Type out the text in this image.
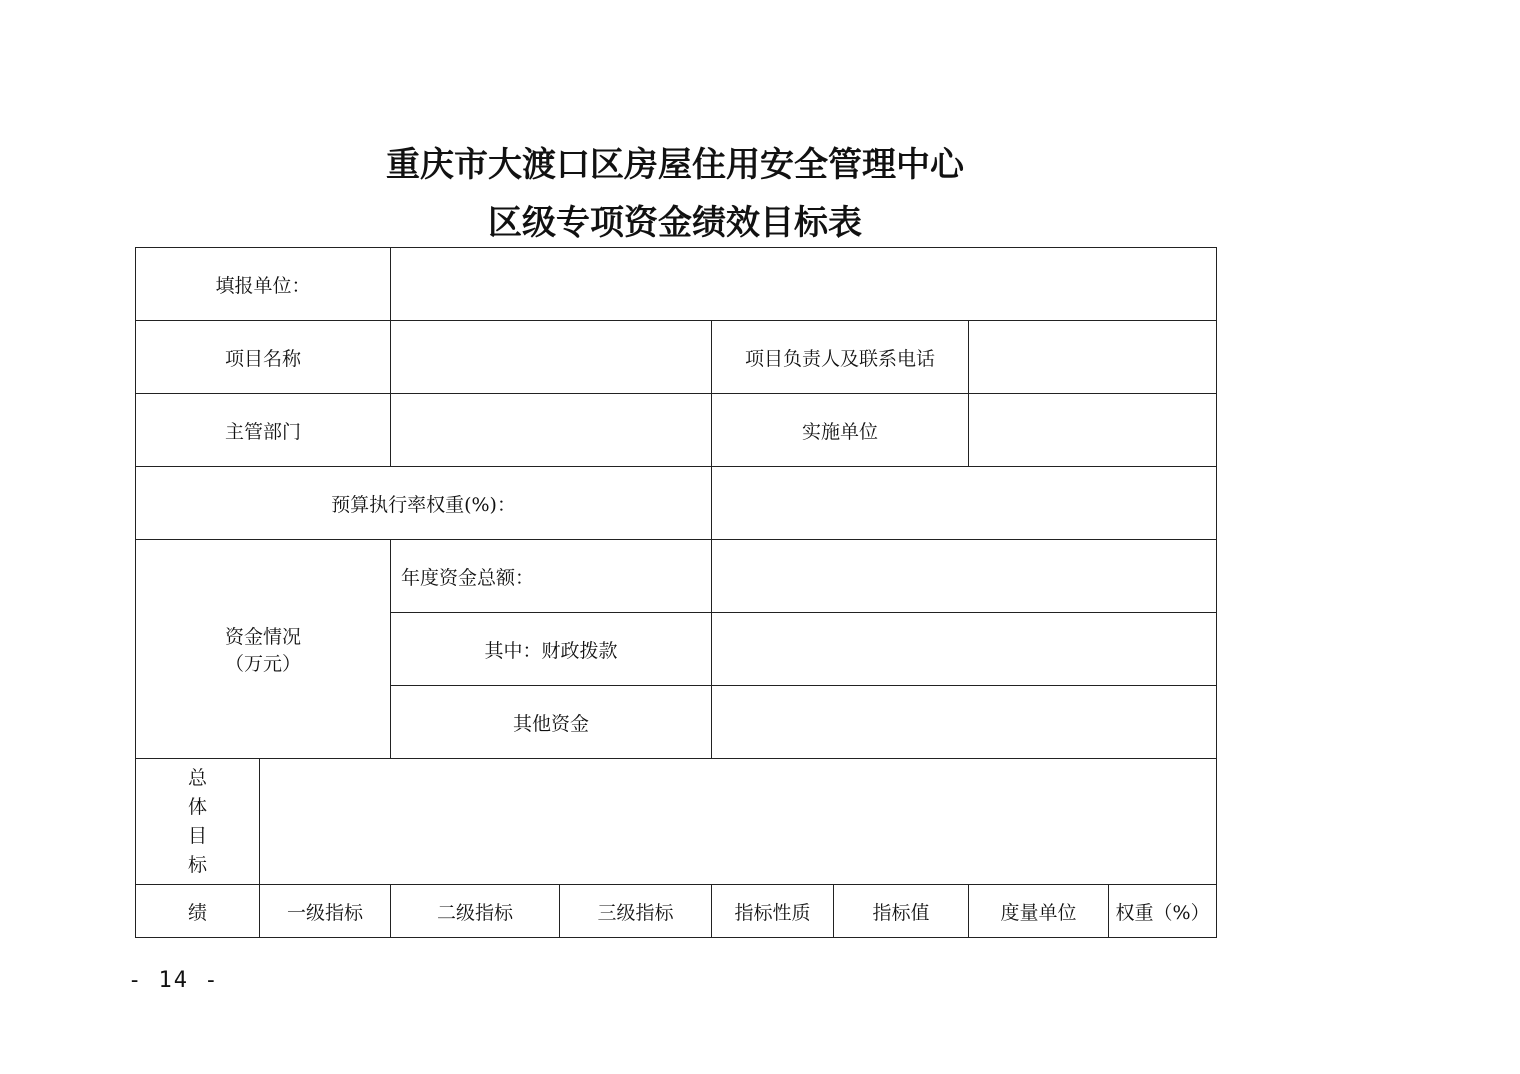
重庆市大渡口区房屋住用安全管理中心
区级专项资金绩效目标表
填报单位：							
项目名称				项目负责人及联系电话			
主管部门				实施单位			
预算执行率权重(%)：							

资金情况
（万元）		年度资金总额：					
		其中：财政拨款					
		其他资金					

总
体
目
标							

绩	一级指标	二级指标	三级指标	指标性质	指标值	度量单位	权重（%）
- 14 -
